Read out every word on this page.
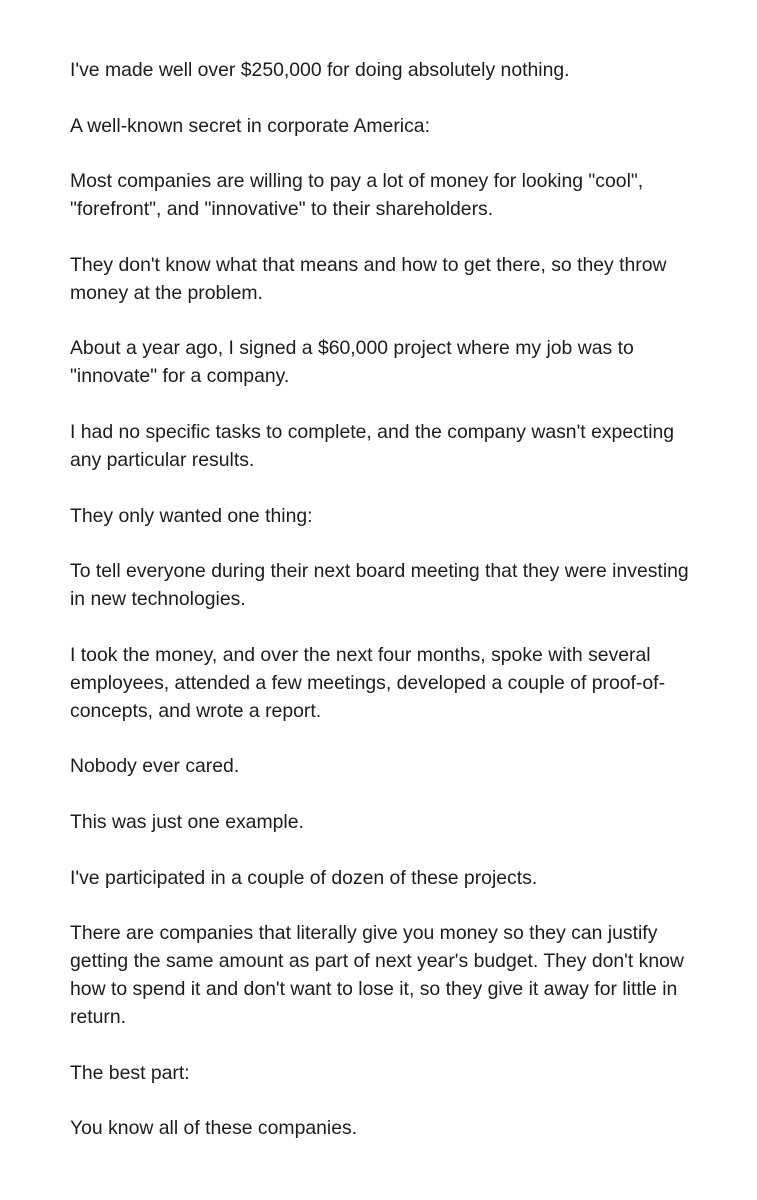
I've made well over $250,000 for doing absolutely nothing.

A well-known secret in corporate America:

Most companies are willing to pay a lot of money for looking "cool", "forefront", and "innovative" to their shareholders.

They don't know what that means and how to get there, so they throw money at the problem.

About a year ago, I signed a $60,000 project where my job was to "innovate" for a company.

I had no specific tasks to complete, and the company wasn't expecting any particular results.

They only wanted one thing:

To tell everyone during their next board meeting that they were investing in new technologies.

I took the money, and over the next four months, spoke with several employees, attended a few meetings, developed a couple of proof-of-concepts, and wrote a report.

Nobody ever cared.

This was just one example.

I've participated in a couple of dozen of these projects.

There are companies that literally give you money so they can justify getting the same amount as part of next year's budget. They don't know how to spend it and don't want to lose it, so they give it away for little in return.

The best part:

You know all of these companies.
